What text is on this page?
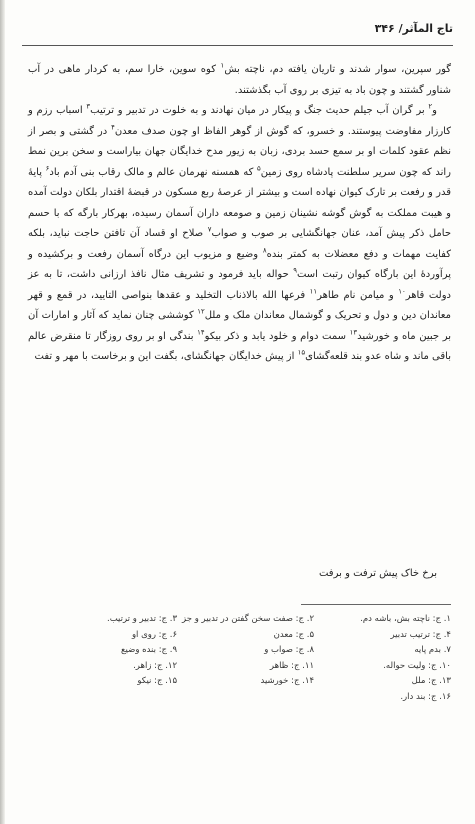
تاج المآثر/ ۳۴۶

گور سپرین، سوار شدند و تاریان یافته دم، ناچته بش$^۱$ کوه سوین، خارا سم، به کردار ماهی در آب شناور گشتند و چون باد به تیزی بر روی آب بگذشتند.

و$^۲$ بر گران آب جیلم حدیث جنگ و پیکار در میان نهادند و به خلوت در تدبیر و ترتیب$^۳$ اسباب رزم و کارزار مفاوضت پیوستند. و خسرو، که گوش از گوهر الفاظ او چون صدف معدن$^۴$ در گشتی و بصر از نظم عقود کلمات او بر سمع حسد بردی، زبان به زیور مدح خدایگان جهان بیاراست و سخن برین نمط راند که چون سریر سلطنت پادشاه روی زمین$^۵$ که همسنه نهرمان عالم و مالک رقاب بنی آدم باد$^۶$ پایهٔ قدر و رفعت بر تارک کیوان نهاده است و بیشتر از عرصهٔ ربع مسکون در قبضهٔ اقتدار بلکان دولت آمده و هیبت مملکت به گوش گوشه نشینان زمین و صومعه داران آسمان رسیده، بهرکار بارگه که با حسم حامل ذکر پیش آمد، عنان جهانگشایی بر صوب و صواب$^۷$ صلاح او قساد آن تافتن حاجت نباید، بلکه کفایت مهمات و دفع معضلات به کمتر بنده$^۸$ وضیع و مزیوب این درگاه آسمان رفعت و برکشیده و پرآوردهٔ این بارگاه کیوان رتبت است$^۹$ حواله باید فرمود و تشریف مثال نافذ ارزانی داشت، تا به عز دولت قاهر$^{۱۰}$ و میامن نام طاهر$^{۱۱}$ فرعها الله بالاذناب التخلید و عقدها بنواصی التایید، در قمع و قهر معاندان دین و دول و تحریک و گوشمال معاندان ملک و ملل$^{۱۲}$ کوششی چنان نماید که آثار و امارات آن بر جبین ماه و خورشید$^{۱۳}$ سمت دوام و خلود یابد و ذکر بیکو$^{۱۴}$ بندگی او بر روی روزگار تا منقرض عالم باقی ماند و شاه عدو بند قلعه‌گشای$^{۱۵}$ از پیش خدایگان جهانگشای، بگفت این و برخاست با مهر و تفت

برخ خاک پیش ترفت و برفت
۱. ج: ناچته بش، باشه دم.
۲. ج: صفت سخن گفتن در تدبیر و جز
۳. ج: تدبیر و ترتیب.
۴. ج: ترتیب تدبیر
۵. ج: معدن
۶. ج: روی او
۷. بدم پایه
۸. ج: صواب و
۹. ج: بنده وضیع
۱۰. ج: ولیت حواله.
۱۱. ج: ظاهر
۱۲. ج: زاهر.
۱۳. ج: ملل
۱۴. ج: خورشید
۱۵. ج: نیکو
۱۶. ج: بند دار.
